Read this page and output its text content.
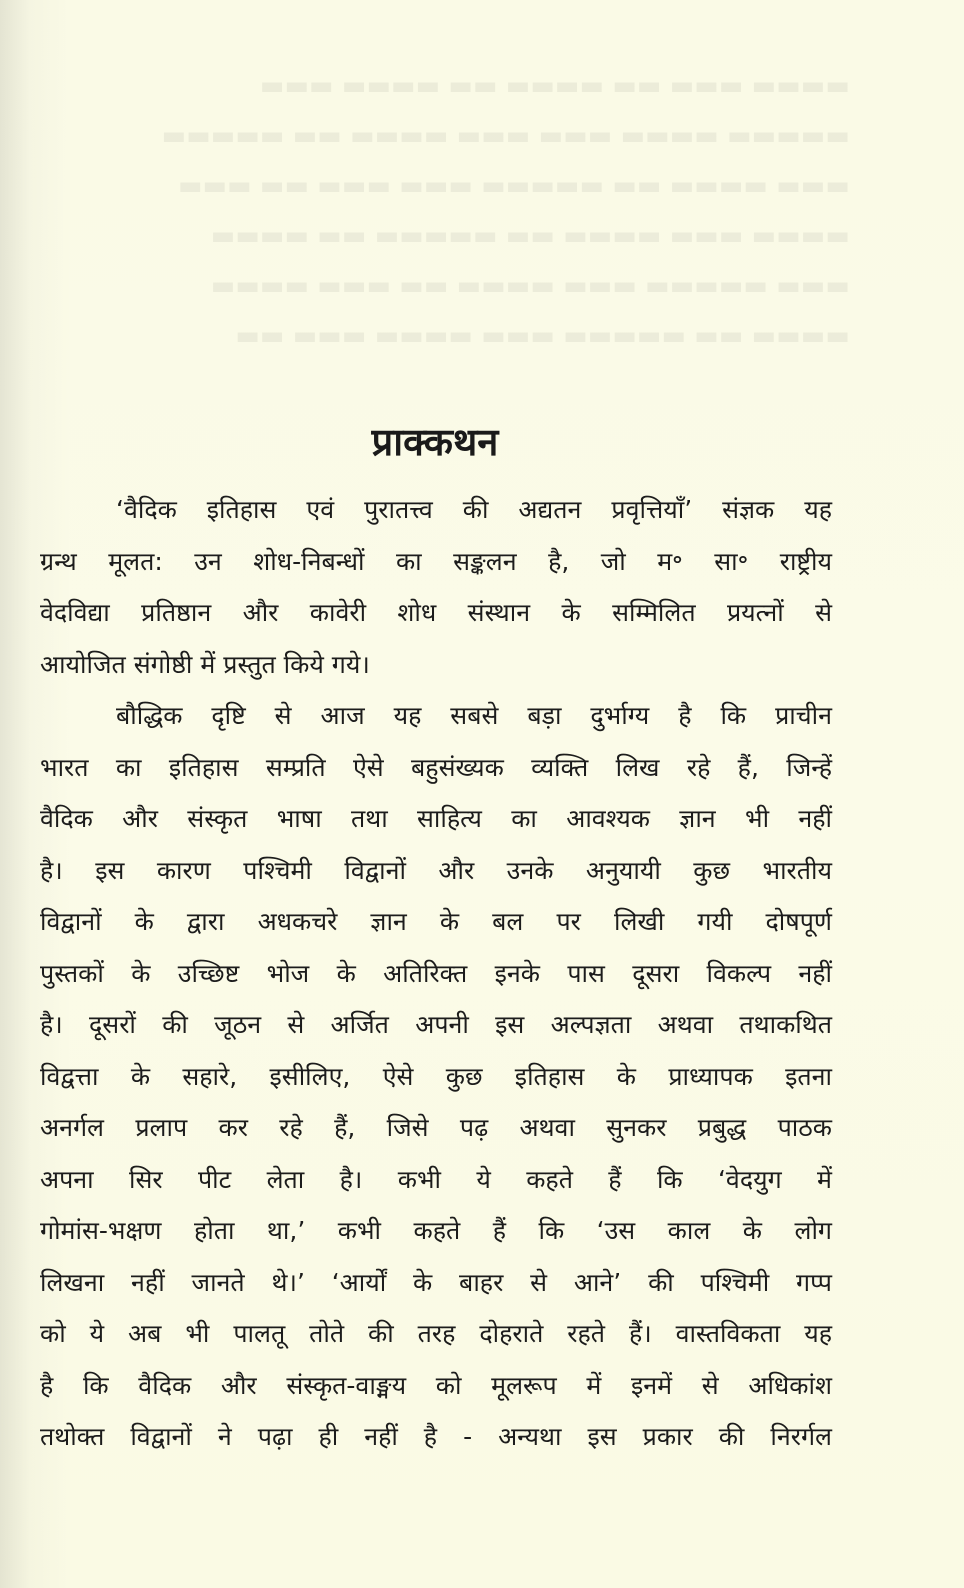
▬▬▬▬ ▬▬▬ ▬▬ ▬▬▬▬ ▬▬ ▬▬▬▬ ▬▬▬
▬▬▬▬▬ ▬▬▬▬ ▬▬▬ ▬▬▬ ▬▬▬▬ ▬▬ ▬▬▬▬▬
▬▬▬ ▬▬▬▬ ▬▬ ▬▬▬▬▬ ▬▬▬ ▬▬▬ ▬▬ ▬▬▬
▬▬▬▬ ▬▬▬ ▬▬▬▬ ▬▬ ▬▬▬▬▬ ▬▬ ▬▬▬▬
▬▬▬ ▬▬▬▬▬ ▬▬▬ ▬▬▬▬ ▬▬ ▬▬▬ ▬▬▬▬
▬▬▬▬ ▬▬ ▬▬▬▬▬ ▬▬▬ ▬▬▬▬ ▬▬▬ ▬▬
प्राक्कथन
‘वैदिक इतिहास एवं पुरातत्त्व की अद्यतन प्रवृत्तियाँ’ संज्ञक यह
ग्रन्थ मूलत: उन शोध-निबन्धों का सङ्कलन है, जो म॰ सा॰ राष्ट्रीय
वेदविद्या प्रतिष्ठान और कावेरी शोध संस्थान के सम्मिलित प्रयत्नों से
आयोजित संगोष्ठी में प्रस्तुत किये गये।
बौद्धिक दृष्टि से आज यह सबसे बड़ा दुर्भाग्य है कि प्राचीन
भारत का इतिहास सम्प्रति ऐसे बहुसंख्यक व्यक्ति लिख रहे हैं, जिन्हें
वैदिक और संस्कृत भाषा तथा साहित्य का आवश्यक ज्ञान भी नहीं
है। इस कारण पश्चिमी विद्वानों और उनके अनुयायी कुछ भारतीय
विद्वानों के द्वारा अधकचरे ज्ञान के बल पर लिखी गयी दोषपूर्ण
पुस्तकों के उच्छिष्ट भोज के अतिरिक्त इनके पास दूसरा विकल्प नहीं
है। दूसरों की जूठन से अर्जित अपनी इस अल्पज्ञता अथवा तथाकथित
विद्वत्ता के सहारे, इसीलिए, ऐसे कुछ इतिहास के प्राध्यापक इतना
अनर्गल प्रलाप कर रहे हैं, जिसे पढ़ अथवा सुनकर प्रबुद्ध पाठक
अपना सिर पीट लेता है। कभी ये कहते हैं कि ‘वेदयुग में
गोमांस-भक्षण होता था,’ कभी कहते हैं कि ‘उस काल के लोग
लिखना नहीं जानते थे।’ ‘आर्यों के बाहर से आने’ की पश्चिमी गप्प
को ये अब भी पालतू तोते की तरह दोहराते रहते हैं। वास्तविकता यह
है कि वैदिक और संस्कृत-वाङ्मय को मूलरूप में इनमें से अधिकांश
तथोक्त विद्वानों ने पढ़ा ही नहीं है - अन्यथा इस प्रकार की निरर्गल
